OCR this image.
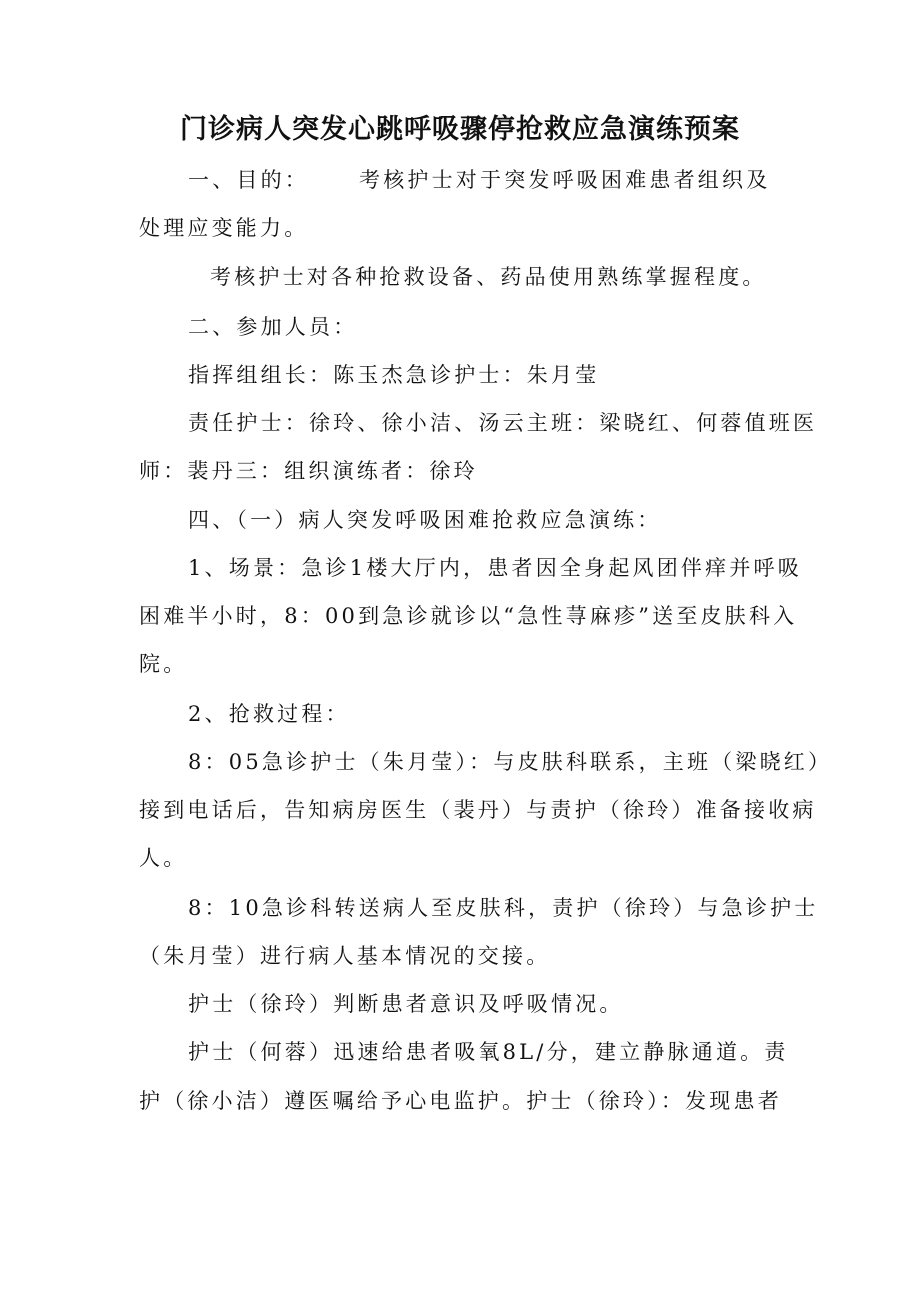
门诊病人突发心跳呼吸骤停抢救应急演练预案
一、目的： 考核护士对于突发呼吸困难患者组织及
处理应变能力。
考核护士对各种抢救设备、药品使用熟练掌握程度。
二、参加人员：
指挥组组长：陈玉杰急诊护士：朱月莹
责任护士：徐玲、徐小洁、汤云主班：梁晓红、何蓉值班医
师：裴丹三：组织演练者：徐玲
四、（一）病人突发呼吸困难抢救应急演练：
1、场景：急诊1楼大厅内，患者因全身起风团伴痒并呼吸
困难半小时，8：00到急诊就诊以“急性荨麻疹”送至皮肤科入
院。
2、抢救过程：
8：05急诊护士（朱月莹）：与皮肤科联系，主班（梁晓红）
接到电话后，告知病房医生（裴丹）与责护（徐玲）准备接收病
人。
8：10急诊科转送病人至皮肤科，责护（徐玲）与急诊护士
（朱月莹）进行病人基本情况的交接。
护士（徐玲）判断患者意识及呼吸情况。
护士（何蓉）迅速给患者吸氧8L/分，建立静脉通道。责
护（徐小洁）遵医嘱给予心电监护。护士（徐玲）：发现患者
